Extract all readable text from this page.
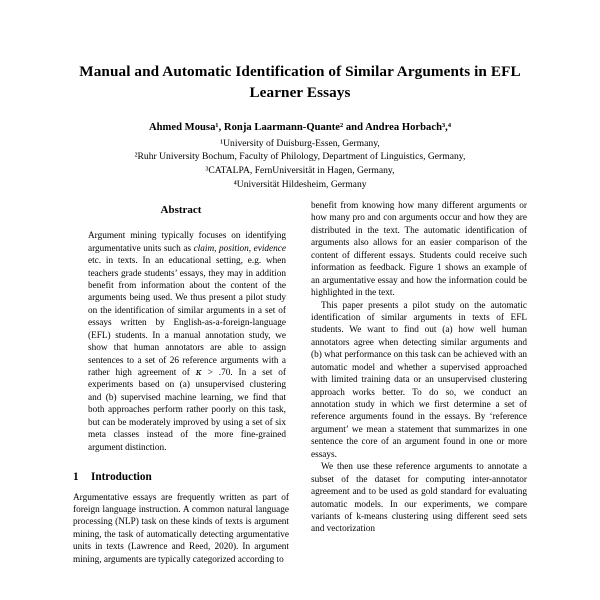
Manual and Automatic Identification of Similar Arguments in EFL Learner Essays
Ahmed Mousa¹, Ronja Laarmann-Quante² and Andrea Horbach³,⁴
¹University of Duisburg-Essen, Germany,
²Ruhr University Bochum, Faculty of Philology, Department of Linguistics, Germany,
³CATALPA, FernUniversität in Hagen, Germany,
⁴Universität Hildesheim, Germany
Abstract

Argument mining typically focuses on identifying argumentative units such as claim, position, evidence etc. in texts. In an educational setting, e.g. when teachers grade students’ essays, they may in addition benefit from information about the content of the arguments being used. We thus present a pilot study on the identification of similar arguments in a set of essays written by English-as-a-foreign-language (EFL) students. In a manual annotation study, we show that human annotators are able to assign sentences to a set of 26 reference arguments with a rather high agreement of κ > .70. In a set of experiments based on (a) unsupervised clustering and (b) supervised machine learning, we find that both approaches perform rather poorly on this task, but can be moderately improved by using a set of six meta classes instead of the more fine-grained argument distinction.

1 Introduction

Argumentative essays are frequently written as part of foreign language instruction. A common natural language processing (NLP) task on these kinds of texts is argument mining, the task of automatically detecting argumentative units in texts (Lawrence and Reed, 2020). In argument mining, arguments are typically categorized according to

benefit from knowing how many different arguments or how many pro and con arguments occur and how they are distributed in the text. The automatic identification of arguments also allows for an easier comparison of the content of different essays. Students could receive such information as feedback. Figure 1 shows an example of an argumentative essay and how the information could be highlighted in the text.

This paper presents a pilot study on the automatic identification of similar arguments in texts of EFL students. We want to find out (a) how well human annotators agree when detecting similar arguments and (b) what performance on this task can be achieved with an automatic model and whether a supervised approached with limited training data or an unsupervised clustering approach works better. To do so, we conduct an annotation study in which we first determine a set of reference arguments found in the essays. By ‘reference argument’ we mean a statement that summarizes in one sentence the core of an argument found in one or more essays.

We then use these reference arguments to annotate a subset of the dataset for computing inter-annotator agreement and to be used as gold standard for evaluating automatic models. In our experiments, we compare variants of k-means clustering using different seed sets and vectorization
